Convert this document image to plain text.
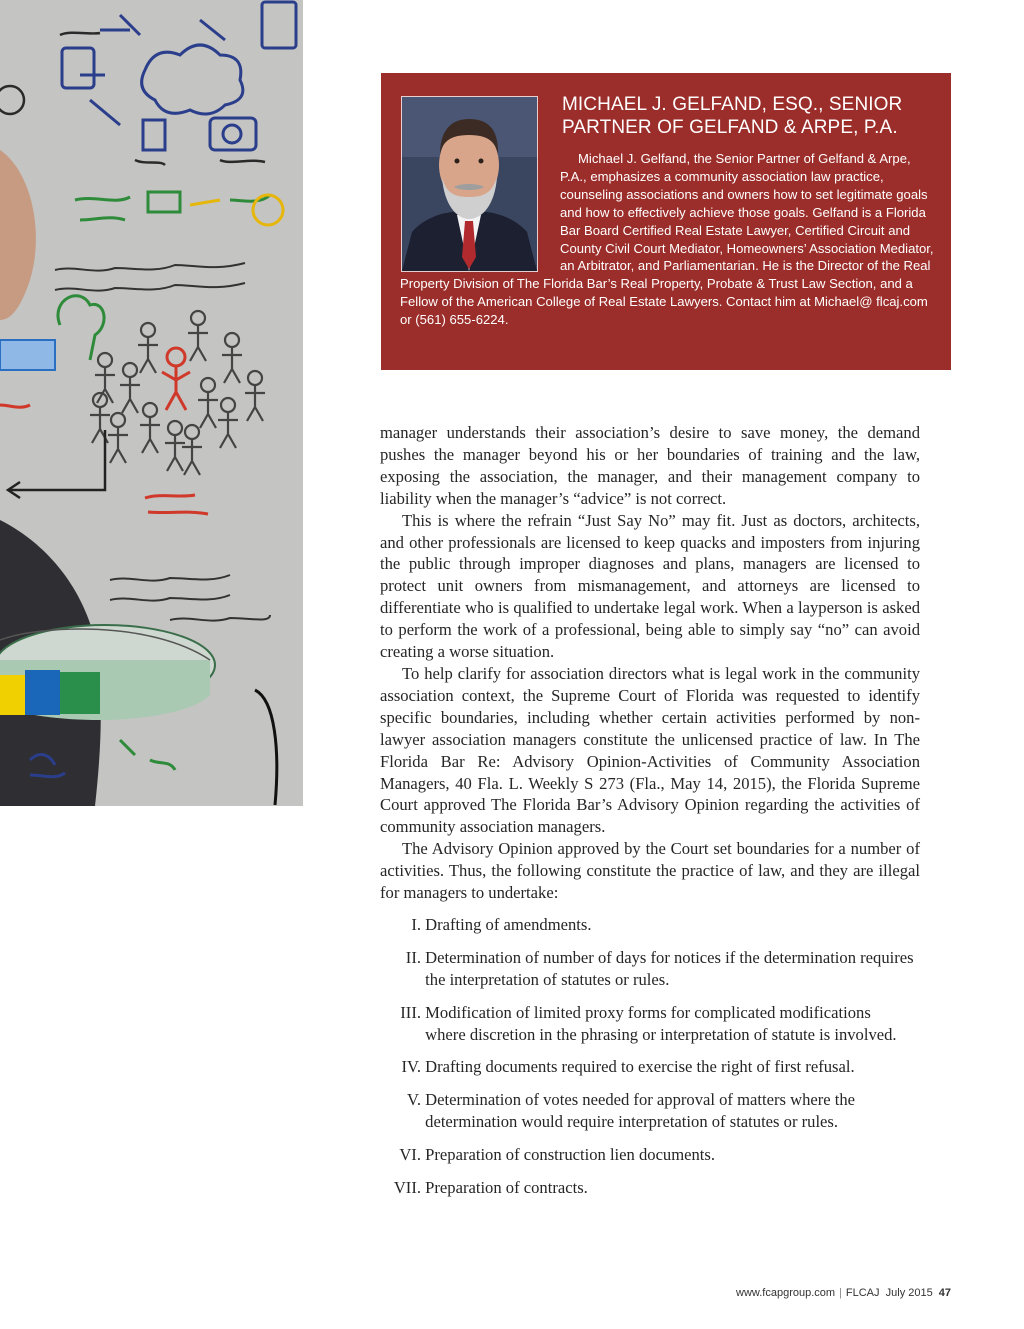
MICHAEL J. GELFAND, ESQ., SENIOR PARTNER OF GELFAND & ARPE, P.A.

Michael J. Gelfand, the Senior Partner of Gelfand & Arpe, P.A., emphasizes a community association law practice, counseling associations and owners how to set legitimate goals and how to effectively achieve those goals. Gelfand is a Florida Bar Board Certified Real Estate Lawyer, Certified Circuit and County Civil Court Mediator, Homeowners’ Association Mediator, an Arbitrator, and Parliamentarian. He is the Director of the Real Property Division of The Florida Bar’s Real Property, Probate & Trust Law Section, and a Fellow of the American College of Real Estate Lawyers. Contact him at Michael@ flcaj.com or (561) 655-6224.

manager understands their association’s desire to save money, the demand pushes the manager beyond his or her boundaries of training and the law, exposing the association, the manager, and their management company to liability when the manager’s “advice” is not correct.

This is where the refrain “Just Say No” may fit. Just as doctors, architects, and other professionals are licensed to keep quacks and imposters from injuring the public through improper diagnoses and plans, managers are licensed to protect unit owners from mismanagement, and attorneys are licensed to differentiate who is qualified to undertake legal work. When a layperson is asked to perform the work of a professional, being able to simply say “no” can avoid creating a worse situation.

To help clarify for association directors what is legal work in the community association context, the Supreme Court of Florida was requested to identify specific boundaries, including whether certain activities performed by non-lawyer association managers constitute the unlicensed practice of law. In The Florida Bar Re: Advisory Opinion-Activities of Community Association Managers, 40 Fla. L. Weekly S 273 (Fla., May 14, 2015), the Florida Supreme Court approved The Florida Bar’s Advisory Opinion regarding the activities of community association managers.

The Advisory Opinion approved by the Court set boundaries for a number of activities. Thus, the following constitute the practice of law, and they are illegal for managers to undertake:

I.
Drafting of amendments.
II.
Determination of number of days for notices if the determination requires the interpretation of statutes or rules.
III.
Modification of limited proxy forms for complicated modifications where discretion in the phrasing or interpretation of statute is involved.
IV.
Drafting documents required to exercise the right of first refusal.
V.
Determination of votes needed for approval of matters where the determination would require interpretation of statutes or rules.
VI.
Preparation of construction lien documents.
VII.
Preparation of contracts.
www.fcapgroup.com | FLCAJ July 2015 47
